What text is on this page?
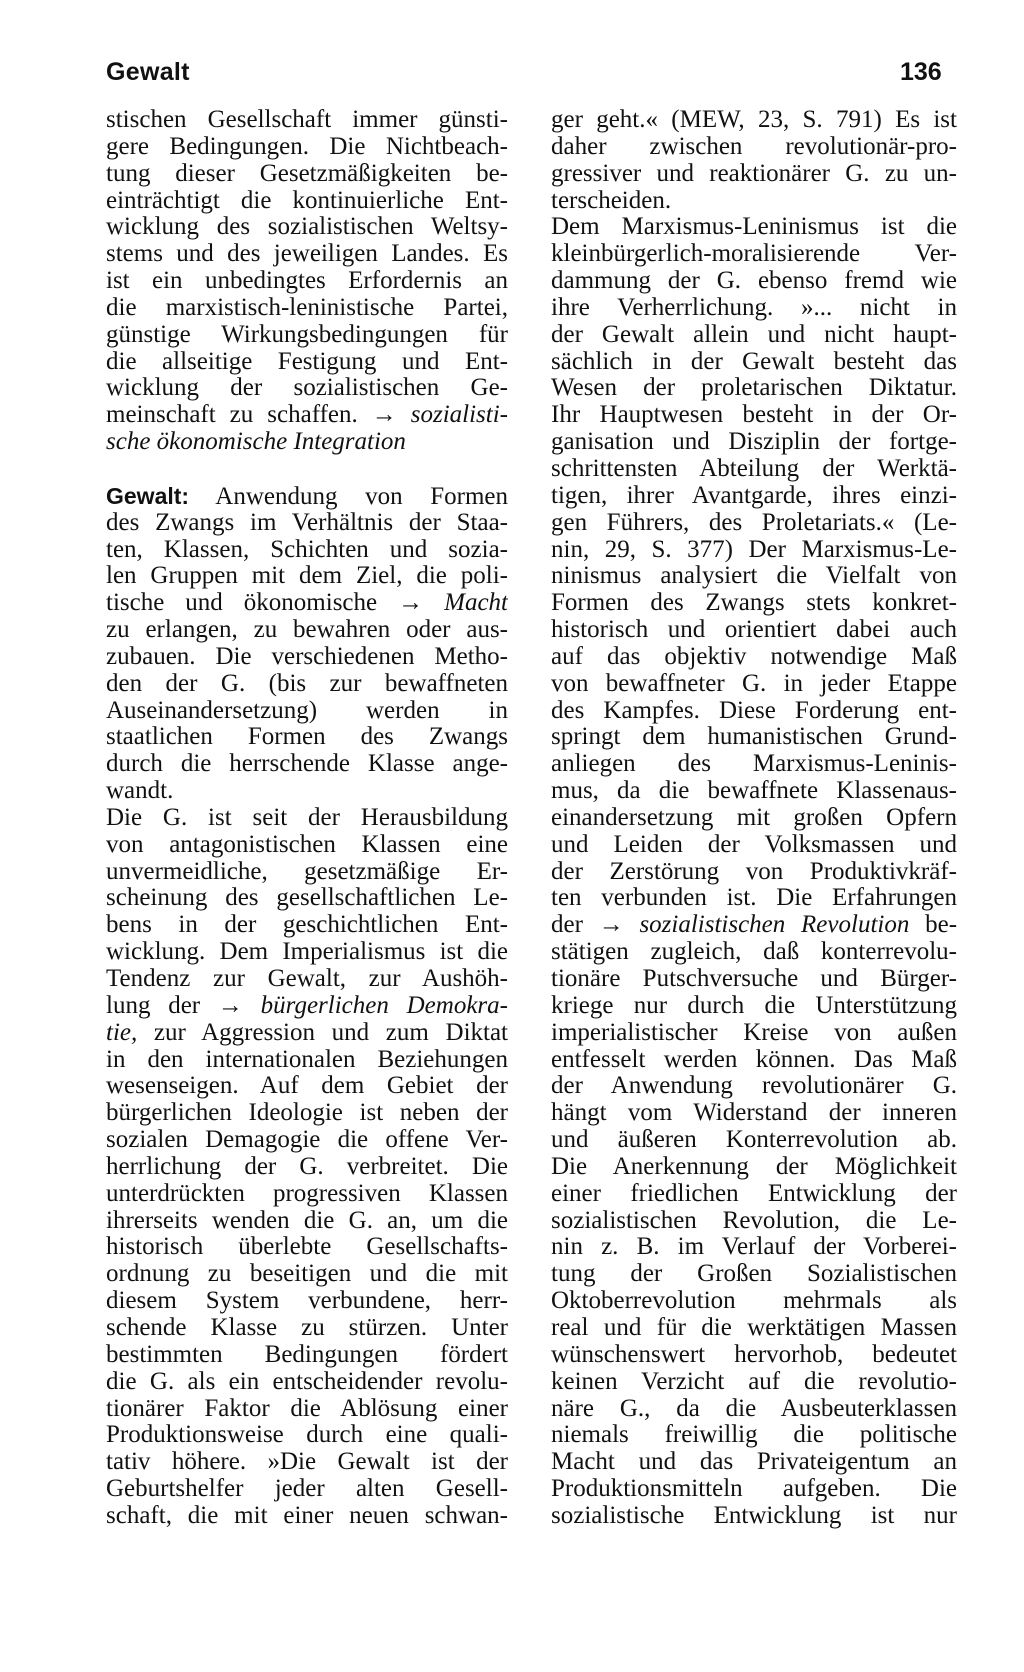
Gewalt	136
stischen Gesellschaft immer günsti-
gere Bedingungen. Die Nichtbeach-
tung dieser Gesetzmäßigkeiten be-
einträchtigt die kontinuierliche Ent-
wicklung des sozialistischen Weltsy-
stems und des jeweiligen Landes. Es
ist ein unbedingtes Erfordernis an
die marxistisch-leninistische Partei,
günstige Wirkungsbedingungen für
die allseitige Festigung und Ent-
wicklung der sozialistischen Ge-
meinschaft zu schaffen. → sozialisti-
sche ökonomische Integration
Gewalt: Anwendung von Formen
des Zwangs im Verhältnis der Staa-
ten, Klassen, Schichten und sozia-
len Gruppen mit dem Ziel, die poli-
tische und ökonomische → Macht
zu erlangen, zu bewahren oder aus-
zubauen. Die verschiedenen Metho-
den der G. (bis zur bewaffneten
Auseinandersetzung) werden in
staatlichen Formen des Zwangs
durch die herrschende Klasse ange-
wandt.
Die G. ist seit der Herausbildung
von antagonistischen Klassen eine
unvermeidliche, gesetzmäßige Er-
scheinung des gesellschaftlichen Le-
bens in der geschichtlichen Ent-
wicklung. Dem Imperialismus ist die
Tendenz zur Gewalt, zur Aushöh-
lung der → bürgerlichen Demokra-
tie, zur Aggression und zum Diktat
in den internationalen Beziehungen
wesenseigen. Auf dem Gebiet der
bürgerlichen Ideologie ist neben der
sozialen Demagogie die offene Ver-
herrlichung der G. verbreitet. Die
unterdrückten progressiven Klassen
ihrerseits wenden die G. an, um die
historisch überlebte Gesellschafts-
ordnung zu beseitigen und die mit
diesem System verbundene, herr-
schende Klasse zu stürzen. Unter
bestimmten Bedingungen fördert
die G. als ein entscheidender revolu-
tionärer Faktor die Ablösung einer
Produktionsweise durch eine quali-
tativ höhere. »Die Gewalt ist der
Geburtshelfer jeder alten Gesell-
schaft, die mit einer neuen schwan-
ger geht.« (MEW, 23, S. 791) Es ist
daher zwischen revolutionär-pro-
gressiver und reaktionärer G. zu un-
terscheiden.
Dem Marxismus-Leninismus ist die
kleinbürgerlich-moralisierende Ver-
dammung der G. ebenso fremd wie
ihre Verherrlichung. »... nicht in
der Gewalt allein und nicht haupt-
sächlich in der Gewalt besteht das
Wesen der proletarischen Diktatur.
Ihr Hauptwesen besteht in der Or-
ganisation und Disziplin der fortge-
schrittensten Abteilung der Werktä-
tigen, ihrer Avantgarde, ihres einzi-
gen Führers, des Proletariats.« (Le-
nin, 29, S. 377) Der Marxismus-Le-
ninismus analysiert die Vielfalt von
Formen des Zwangs stets konkret-
historisch und orientiert dabei auch
auf das objektiv notwendige Maß
von bewaffneter G. in jeder Etappe
des Kampfes. Diese Forderung ent-
springt dem humanistischen Grund-
anliegen des Marxismus-Leninis-
mus, da die bewaffnete Klassenaus-
einandersetzung mit großen Opfern
und Leiden der Volksmassen und
der Zerstörung von Produktivkräf-
ten verbunden ist. Die Erfahrungen
der → sozialistischen Revolution be-
stätigen zugleich, daß konterrevolu-
tionäre Putschversuche und Bürger-
kriege nur durch die Unterstützung
imperialistischer Kreise von außen
entfesselt werden können. Das Maß
der Anwendung revolutionärer G.
hängt vom Widerstand der inneren
und äußeren Konterrevolution ab.
Die Anerkennung der Möglichkeit
einer friedlichen Entwicklung der
sozialistischen Revolution, die Le-
nin z. B. im Verlauf der Vorberei-
tung der Großen Sozialistischen
Oktoberrevolution mehrmals als
real und für die werktätigen Massen
wünschenswert hervorhob, bedeutet
keinen Verzicht auf die revolutio-
näre G., da die Ausbeuterklassen
niemals freiwillig die politische
Macht und das Privateigentum an
Produktionsmitteln aufgeben. Die
sozialistische Entwicklung ist nur
